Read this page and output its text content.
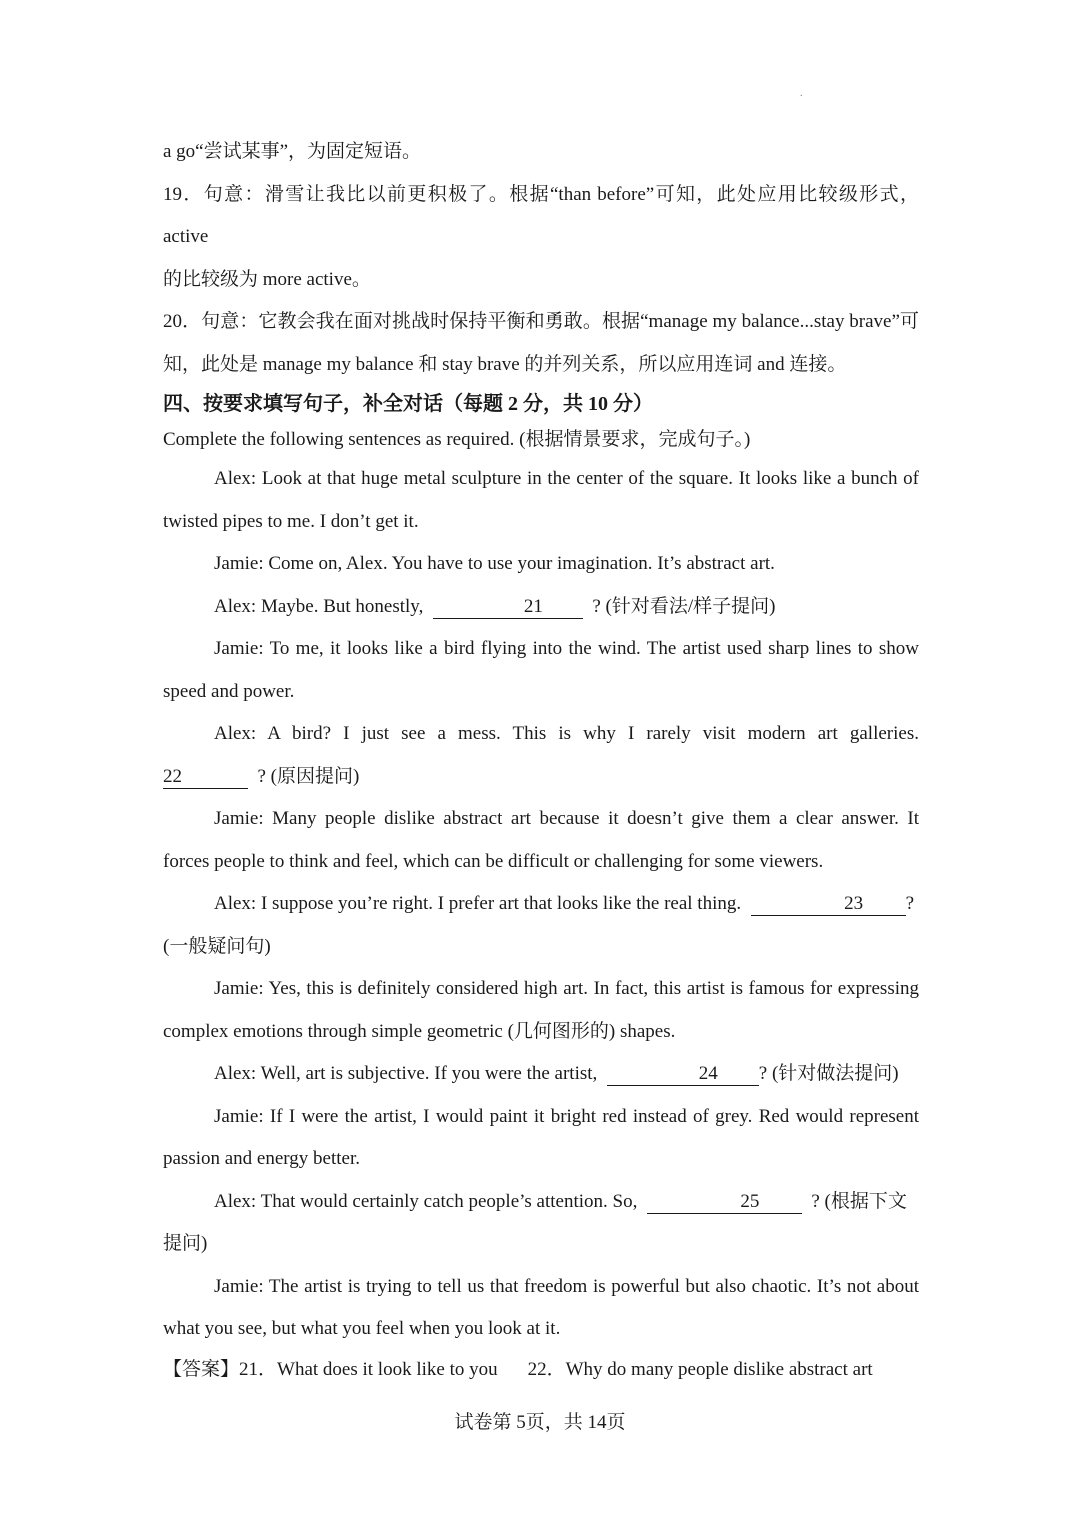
.

a go“尝试某事”，为固定短语。

19．句意：滑雪让我比以前更积极了。根据“than before”可知，此处应用比较级形式，active

的比较级为 more active。

20．句意：它教会我在面对挑战时保持平衡和勇敢。根据“manage my balance...stay brave”可

知，此处是 manage my balance 和 stay brave 的并列关系，所以应用连词 and 连接。

四、按要求填写句子，补全对话（每题 2 分，共 10 分）

Complete the following sentences as required. (根据情景要求，完成句子。)

Alex: Look at that huge metal sculpture in the center of the square. It looks like a bunch of

twisted pipes to me. I don’t get it.

Jamie: Come on, Alex. You have to use your imagination. It’s abstract art.

Alex: Maybe. But honestly,	21	? (针对看法/样子提问)

Jamie: To me, it looks like a bird flying into the wind. The artist used sharp lines to show

speed and power.

Alex: A bird? I just see a mess. This is why I rarely visit modern art galleries.

22	? (原因提问)

Jamie: Many people dislike abstract art because it doesn’t give them a clear answer. It

forces people to think and feel, which can be difficult or challenging for some viewers.

Alex: I suppose you’re right. I prefer art that looks like the real thing.	23 ?

(一般疑问句)

Jamie: Yes, this is definitely considered high art. In fact, this artist is famous for expressing

complex emotions through simple geometric (几何图形的) shapes.

Alex: Well, art is subjective. If you were the artist,	24 ? (针对做法提问)

Jamie: If I were the artist, I would paint it bright red instead of grey. Red would represent

passion and energy better.

Alex: That would certainly catch people’s attention. So,	25	? (根据下文

提问)

Jamie: The artist is trying to tell us that freedom is powerful but also chaotic. It’s not about

what you see, but what you feel when you look at it.

【答案】21．What does it look like to you 22．Why do many people dislike abstract art
试卷第 5页，共 14页
